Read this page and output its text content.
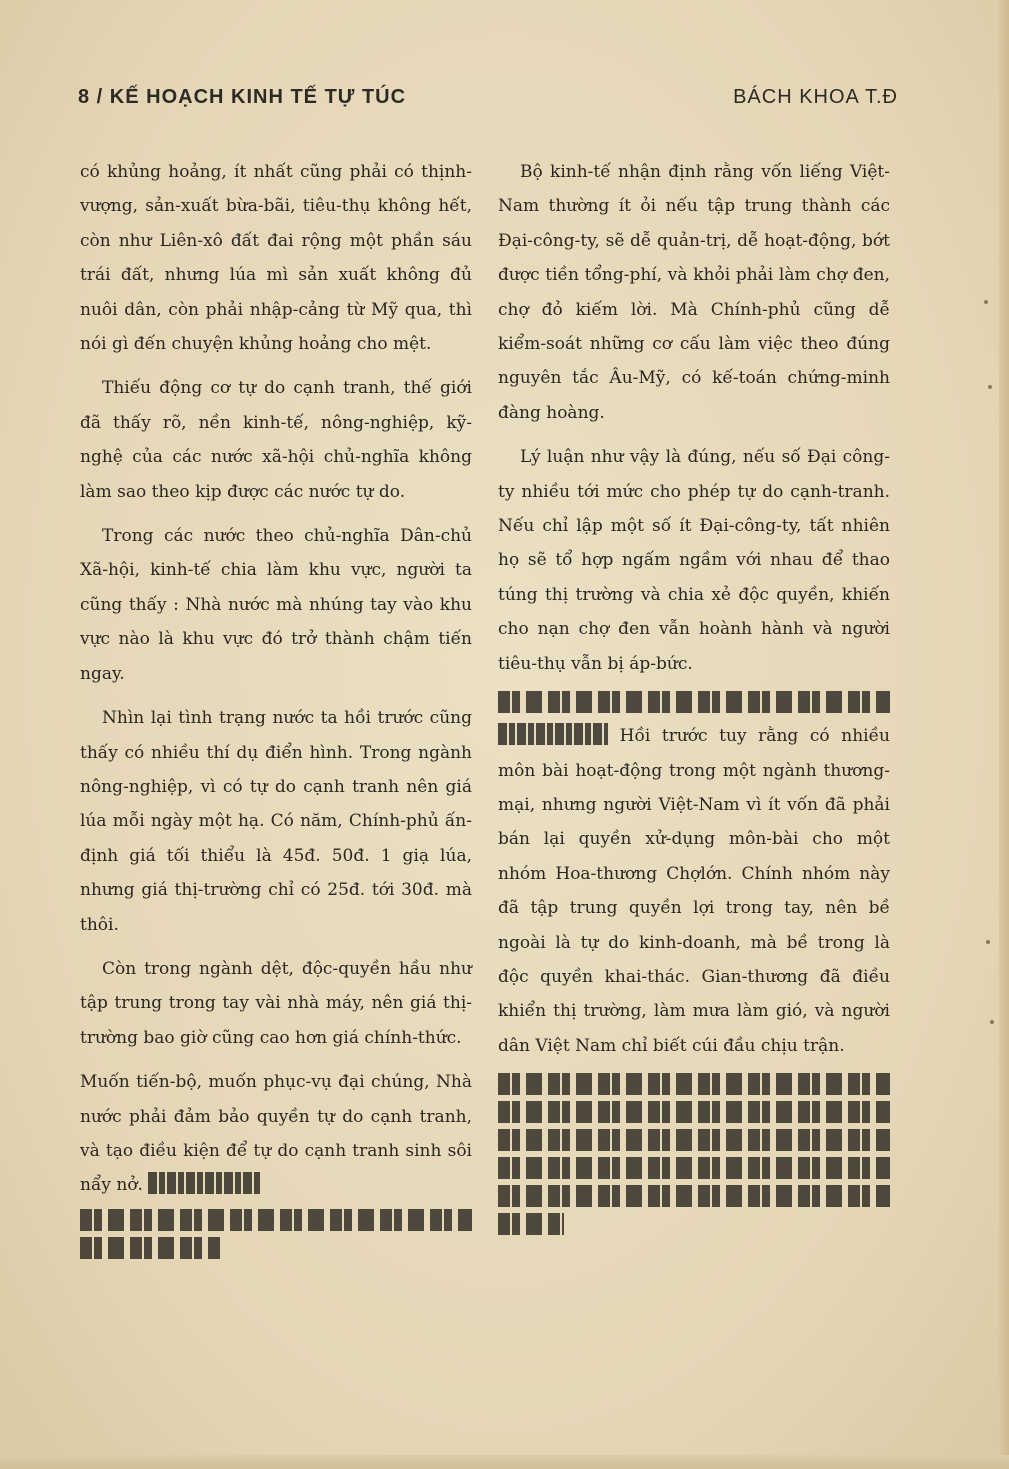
8 / KẾ HOẠCH KINH TẾ TỰ TÚC	BÁCH KHOA T.Đ

có khủng hoảng, ít nhất cũng phải có thịnh-vượng, sản-xuất bừa-bãi, tiêu-thụ không hết, còn như Liên-xô đất đai rộng một phần sáu trái đất, nhưng lúa mì sản xuất không đủ nuôi dân, còn phải nhập-cảng từ Mỹ qua, thì nói gì đến chuyện khủng hoảng cho mệt.

Thiếu động cơ tự do cạnh tranh, thế giới đã thấy rõ, nền kinh-tế, nông-nghiệp, kỹ-nghệ của các nước xã-hội chủ-nghĩa không làm sao theo kịp được các nước tự do.

Trong các nước theo chủ-nghĩa Dân-chủ Xã-hội, kinh-tế chia làm khu vực, người ta cũng thấy : Nhà nước mà nhúng tay vào khu vực nào là khu vực đó trở thành chậm tiến ngay.

Nhìn lại tình trạng nước ta hồi trước cũng thấy có nhiều thí dụ điển hình. Trong ngành nông-nghiệp, vì có tự do cạnh tranh nên giá lúa mỗi ngày một hạ. Có năm, Chính-phủ ấn-định giá tối thiểu là 45đ. 50đ. 1 giạ lúa, nhưng giá thị-trường chỉ có 25đ. tới 30đ. mà thôi.

Còn trong ngành dệt, độc-quyền hầu như tập trung trong tay vài nhà máy, nên giá thị-trường bao giờ cũng cao hơn giá chính-thức.

Muốn tiến-bộ, muốn phục-vụ đại chúng, Nhà nước phải đảm bảo quyền tự do cạnh tranh, và tạo điều kiện để tự do cạnh tranh sinh sôi nẩy nở.

Bộ kinh-tế nhận định rằng vốn liếng Việt-Nam thường ít ỏi nếu tập trung thành các Đại-công-ty, sẽ dễ quản-trị, dễ hoạt-động, bớt được tiền tổng-phí, và khỏi phải làm chợ đen, chợ đỏ kiếm lời. Mà Chính-phủ cũng dễ kiểm-soát những cơ cấu làm việc theo đúng nguyên tắc Âu-Mỹ, có kế-toán chứng-minh đàng hoàng.

Lý luận như vậy là đúng, nếu số Đại công-ty nhiều tới mức cho phép tự do cạnh-tranh. Nếu chỉ lập một số ít Đại-công-ty, tất nhiên họ sẽ tổ hợp ngấm ngầm với nhau để thao túng thị trường và chia xẻ độc quyền, khiến cho nạn chợ đen vẫn hoành hành và người tiêu-thụ vẫn bị áp-bức.

Hồi trước tuy rằng có nhiều môn bài hoạt-động trong một ngành thương-mại, nhưng người Việt-Nam vì ít vốn đã phải bán lại quyền xử-dụng môn-bài cho một nhóm Hoa-thương Chợlớn. Chính nhóm này đã tập trung quyền lợi trong tay, nên bề ngoài là tự do kinh-doanh, mà bề trong là độc quyền khai-thác. Gian-thương đã điều khiển thị trường, làm mưa làm gió, và người dân Việt Nam chỉ biết cúi đầu chịu trận.
